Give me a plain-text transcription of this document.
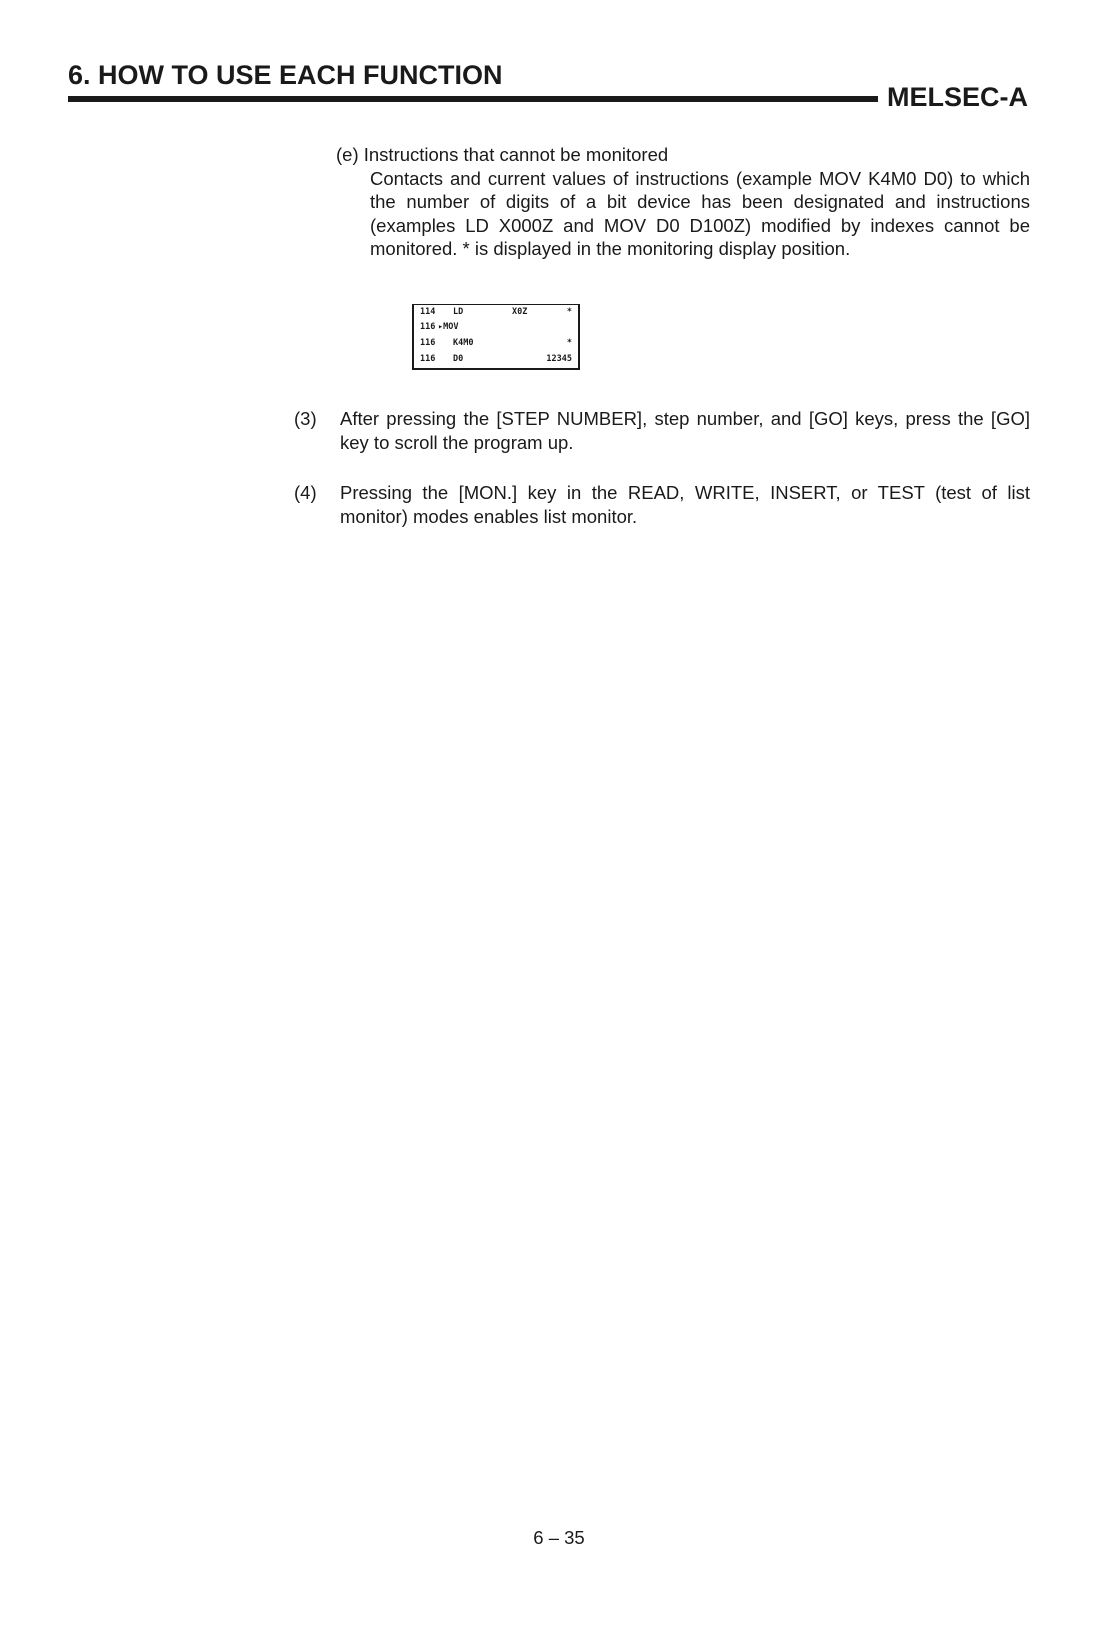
6. HOW TO USE EACH FUNCTION
MELSEC-A
(e) Instructions that cannot be monitored
Contacts and current values of instructions (example MOV K4M0 D0) to which the number of digits of a bit device has been designated and instructions (examples LD X000Z and MOV D0 D100Z) modified by indexes cannot be monitored. * is displayed in the monitoring display position.
114 LD	X0Z	*
116 ▸MOV
116 K4M0	*
116 D0	12345
(3) After pressing the [STEP NUMBER], step number, and [GO] keys, press the [GO] key to scroll the program up.
(4) Pressing the [MON.] key in the READ, WRITE, INSERT, or TEST (test of list monitor) modes enables list monitor.
6 – 35
